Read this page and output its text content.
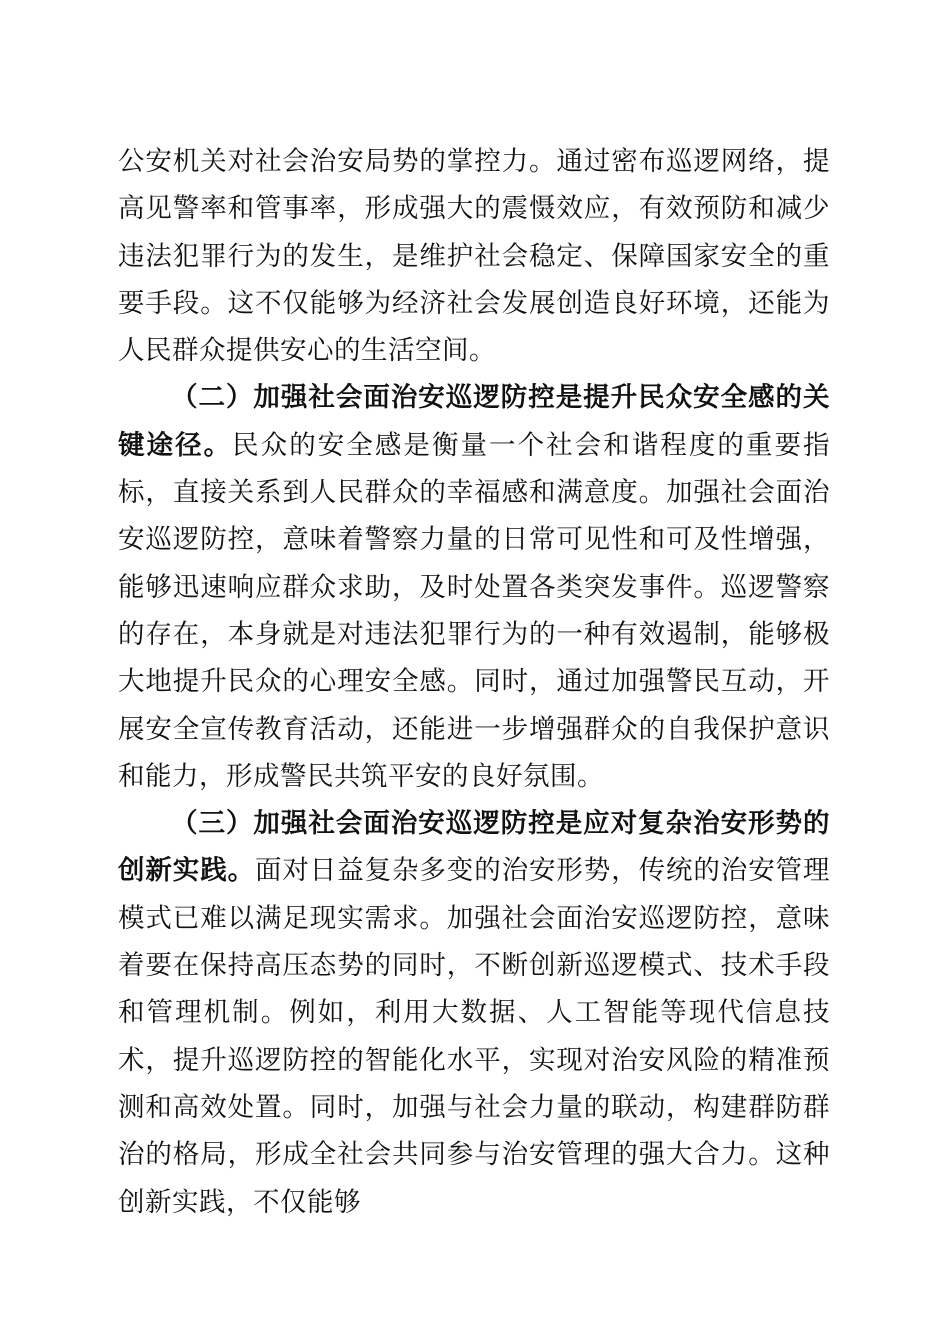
公安机关对社会治安局势的掌控力。通过密布巡逻网络，提高见警率和管事率，形成强大的震慑效应，有效预防和减少违法犯罪行为的发生，是维护社会稳定、保障国家安全的重要手段。这不仅能够为经济社会发展创造良好环境，还能为人民群众提供安心的生活空间。

（二）加强社会面治安巡逻防控是提升民众安全感的关键途径。民众的安全感是衡量一个社会和谐程度的重要指标，直接关系到人民群众的幸福感和满意度。加强社会面治安巡逻防控，意味着警察力量的日常可见性和可及性增强，能够迅速响应群众求助，及时处置各类突发事件。巡逻警察的存在，本身就是对违法犯罪行为的一种有效遏制，能够极大地提升民众的心理安全感。同时，通过加强警民互动，开展安全宣传教育活动，还能进一步增强群众的自我保护意识和能力，形成警民共筑平安的良好氛围。

（三）加强社会面治安巡逻防控是应对复杂治安形势的创新实践。面对日益复杂多变的治安形势，传统的治安管理模式已难以满足现实需求。加强社会面治安巡逻防控，意味着要在保持高压态势的同时，不断创新巡逻模式、技术手段和管理机制。例如，利用大数据、人工智能等现代信息技术，提升巡逻防控的智能化水平，实现对治安风险的精准预测和高效处置。同时，加强与社会力量的联动，构建群防群治的格局，形成全社会共同参与治安管理的强大合力。这种创新实践，不仅能够
